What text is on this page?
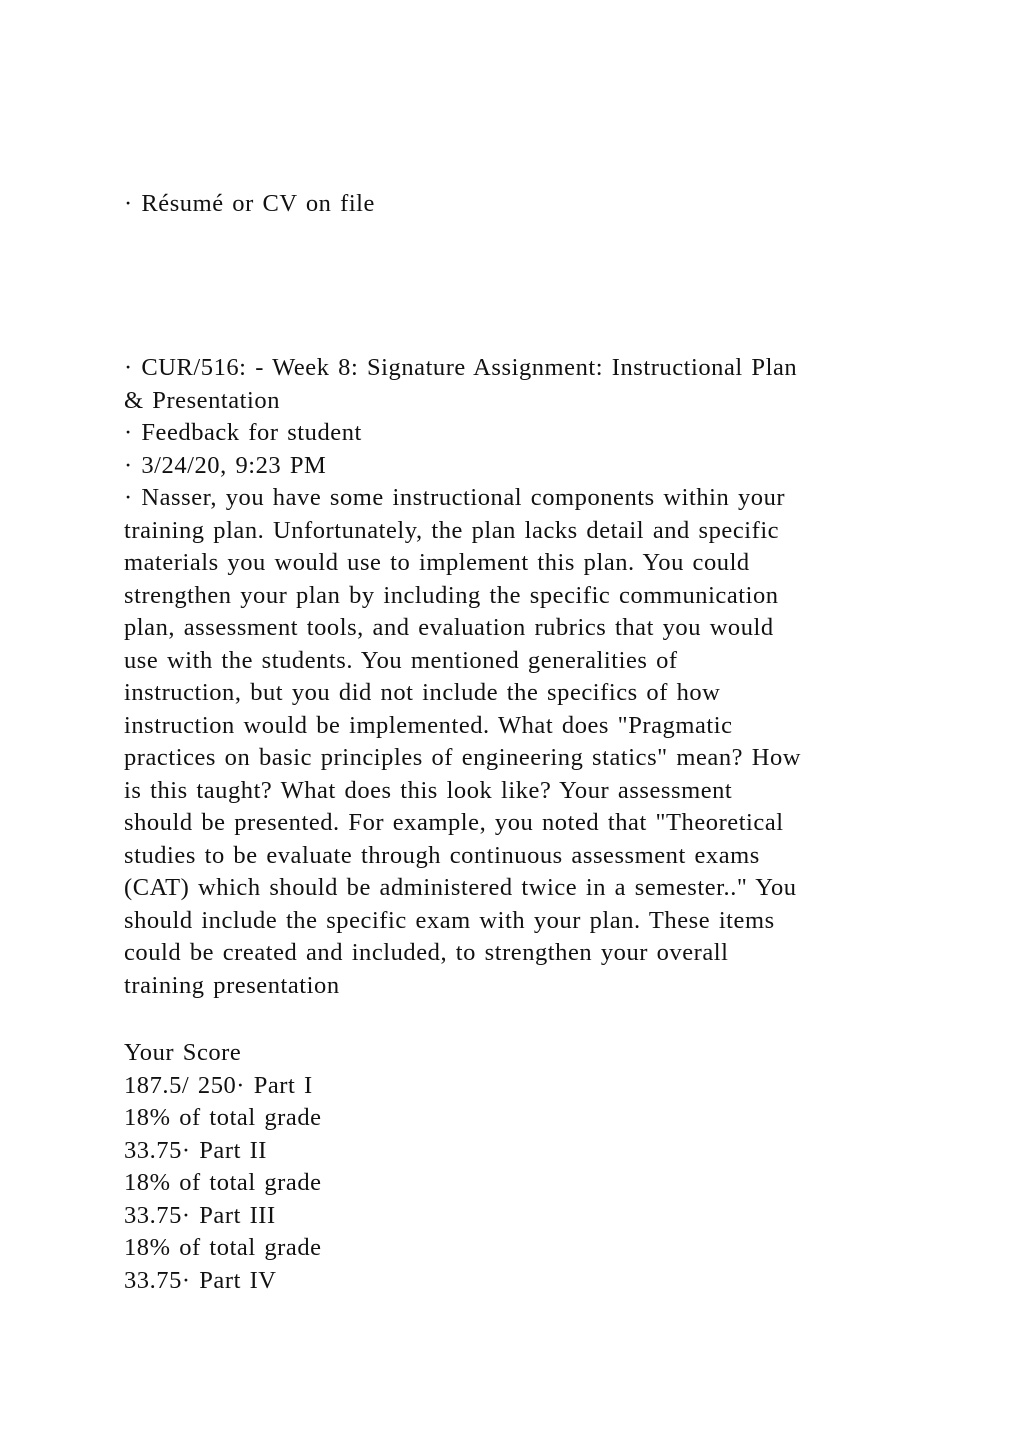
· Résumé or CV on file
· CUR/516: - Week 8: Signature Assignment: Instructional Plan
& Presentation
· Feedback for student
· 3/24/20, 9:23 PM
· Nasser, you have some instructional components within your
training plan. Unfortunately, the plan lacks detail and specific
materials you would use to implement this plan. You could
strengthen your plan by including the specific communication
plan, assessment tools, and evaluation rubrics that you would
use with the students. You mentioned generalities of
instruction, but you did not include the specifics of how
instruction would be implemented. What does "Pragmatic
practices on basic principles of engineering statics" mean? How
is this taught? What does this look like? Your assessment
should be presented. For example, you noted that "Theoretical
studies to be evaluate through continuous assessment exams
(CAT) which should be administered twice in a semester.." You
should include the specific exam with your plan. These items
could be created and included, to strengthen your overall
training presentation
Your Score
187.5/ 250· Part I
18% of total grade
33.75· Part II
18% of total grade
33.75· Part III
18% of total grade
33.75· Part IV
